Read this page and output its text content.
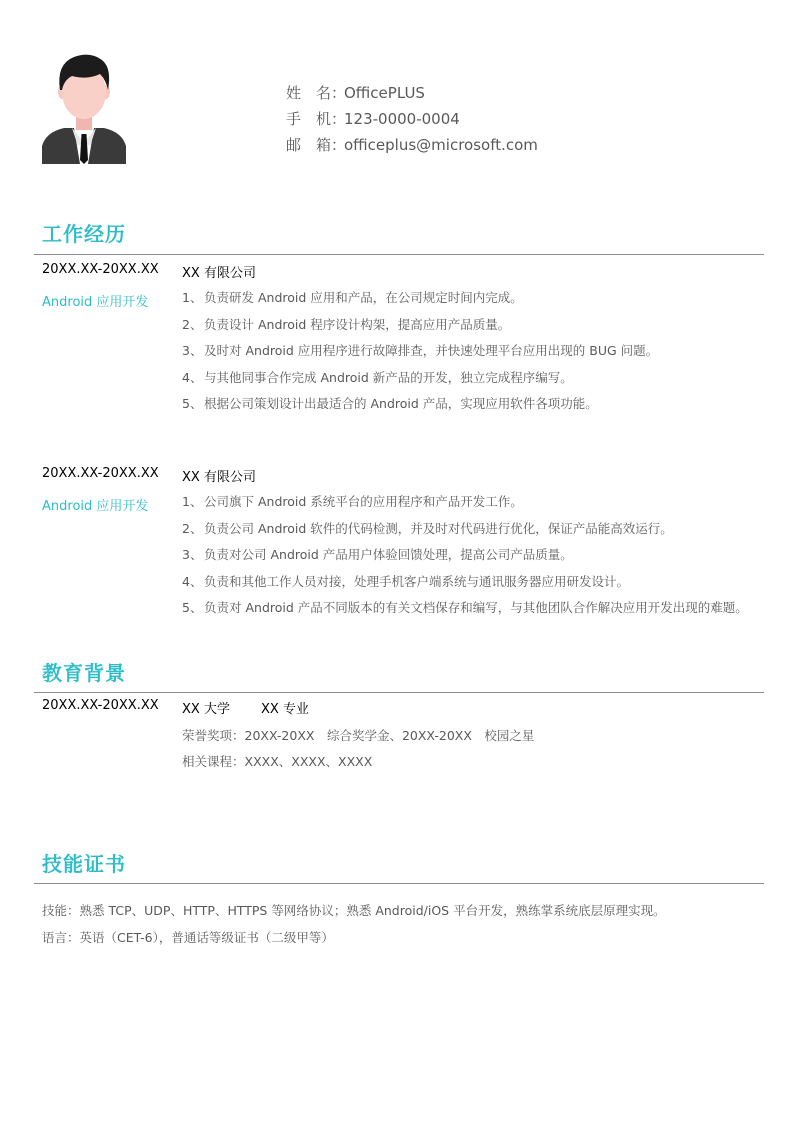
姓　名：OfficePLUS
手　机：123-0000-0004
邮　箱：officeplus@microsoft.com
工作经历
20XX.XX-20XX.XX XX 有限公司
Android 应用开发	1、 负责研发 Android 应用和产品，在公司规定时间内完成。
2、 负责设计 Android 程序设计构架，提高应用产品质量。
3、 及时对 Android 应用程序进行故障排查，并快速处理平台应用出现的 BUG 问题。
4、 与其他同事合作完成 Android 新产品的开发，独立完成程序编写。
5、 根据公司策划设计出最适合的 Android 产品，实现应用软件各项功能。
20XX.XX-20XX.XX XX 有限公司
Android 应用开发	1、 公司旗下 Android 系统平台的应用程序和产品开发工作。
2、 负责公司 Android 软件的代码检测，并及时对代码进行优化，保证产品能高效运行。
3、 负责对公司 Android 产品用户体验回馈处理，提高公司产品质量。
4、 负责和其他工作人员对接，处理手机客户端系统与通讯服务器应用研发设计。
5、 负责对 Android 产品不同版本的有关文档保存和编写，与其他团队合作解决应用开发出现的难题。
教育背景
20XX.XX-20XX.XX XX 大学 XX 专业
荣誉奖项：20XX-20XX　综合奖学金、20XX-20XX　校园之星
相关课程：XXXX、XXXX、XXXX
技能证书
技能：熟悉 TCP、UDP、HTTP、HTTPS 等网络协议；熟悉 Android/iOS 平台开发，熟练掌系统底层原理实现。
语言：英语（CET-6），普通话等级证书（二级甲等）
